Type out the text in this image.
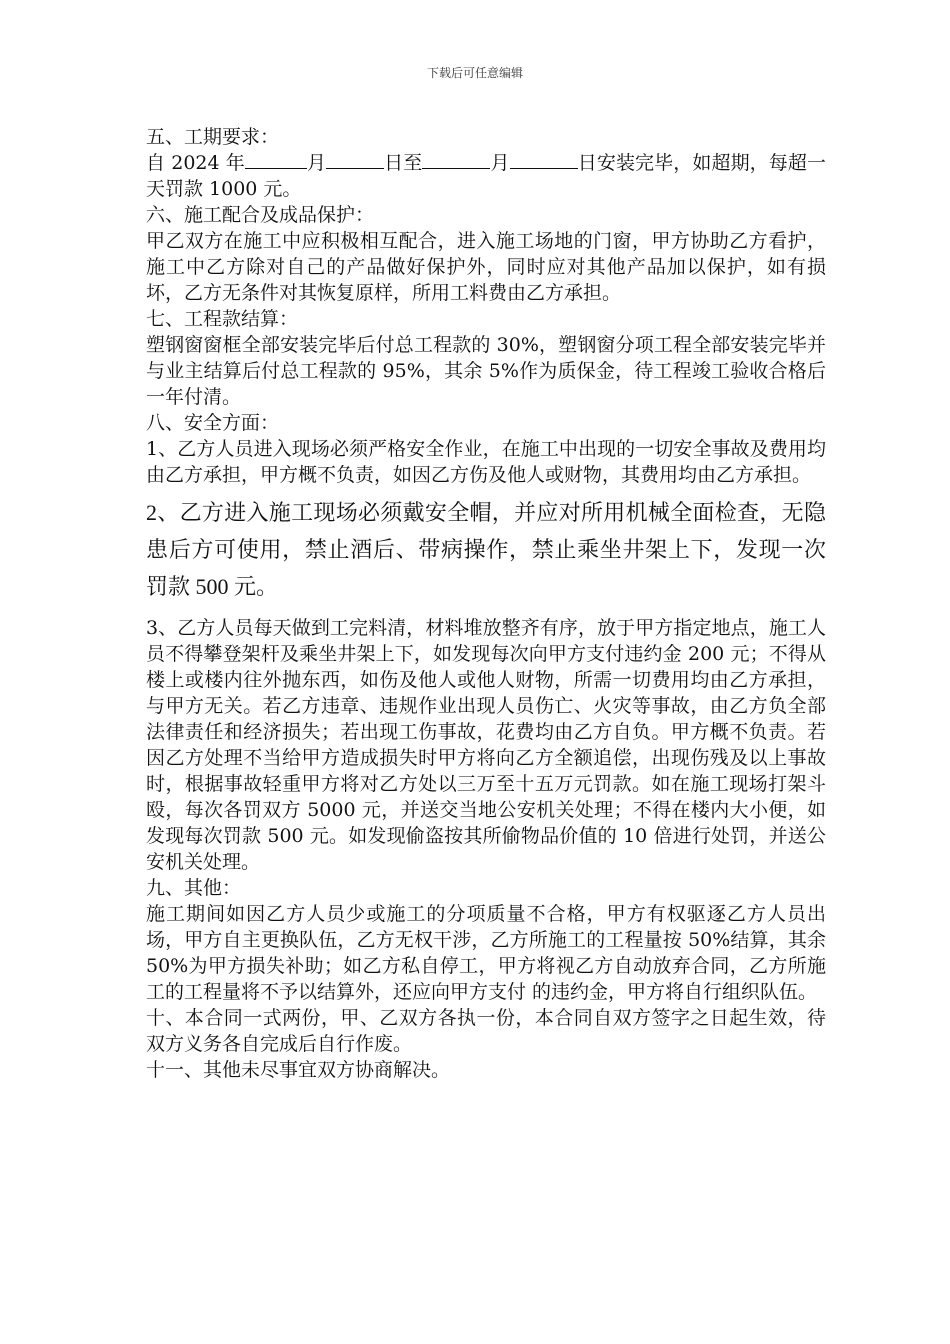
下载后可任意编辑

五、工期要求：

自 2024 年	月	日至	月	日安装完毕，如超期，每超一天罚款 1000 元。

六、施工配合及成品保护：

甲乙双方在施工中应积极相互配合，进入施工场地的门窗，甲方协助乙方看护，施工中乙方除对自己的产品做好保护外，同时应对其他产品加以保护，如有损坏，乙方无条件对其恢复原样，所用工料费由乙方承担。

七、工程款结算：

塑钢窗窗框全部安装完毕后付总工程款的 30%，塑钢窗分项工程全部安装完毕并与业主结算后付总工程款的 95%，其余 5%作为质保金，待工程竣工验收合格后一年付清。

八、安全方面：

1、乙方人员进入现场必须严格安全作业，在施工中出现的一切安全事故及费用均由乙方承担，甲方概不负责，如因乙方伤及他人或财物，其费用均由乙方承担。

2、乙方进入施工现场必须戴安全帽，并应对所用机械全面检查，无隐患后方可使用，禁止酒后、带病操作，禁止乘坐井架上下，发现一次罚款 500 元。

3、乙方人员每天做到工完料清，材料堆放整齐有序，放于甲方指定地点，施工人员不得攀登架杆及乘坐井架上下，如发现每次向甲方支付违约金 200 元；不得从楼上或楼内往外抛东西，如伤及他人或他人财物，所需一切费用均由乙方承担，与甲方无关。若乙方违章、违规作业出现人员伤亡、火灾等事故，由乙方负全部法律责任和经济损失；若出现工伤事故，花费均由乙方自负。甲方概不负责。若因乙方处理不当给甲方造成损失时甲方将向乙方全额追偿，出现伤残及以上事故时，根据事故轻重甲方将对乙方处以三万至十五万元罚款。如在施工现场打架斗殴，每次各罚双方 5000 元，并送交当地公安机关处理；不得在楼内大小便，如发现每次罚款 500 元。如发现偷盗按其所偷物品价值的 10 倍进行处罚，并送公安机关处理。

九、其他：

施工期间如因乙方人员少或施工的分项质量不合格，甲方有权驱逐乙方人员出场，甲方自主更换队伍，乙方无权干涉，乙方所施工的工程量按 50%结算，其余 50%为甲方损失补助；如乙方私自停工，甲方将视乙方自动放弃合同，乙方所施工的工程量将不予以结算外，还应向甲方支付 的违约金，甲方将自行组织队伍。

十、本合同一式两份，甲、乙双方各执一份，本合同自双方签字之日起生效，待双方义务各自完成后自行作废。

十一、其他未尽事宜双方协商解决。
